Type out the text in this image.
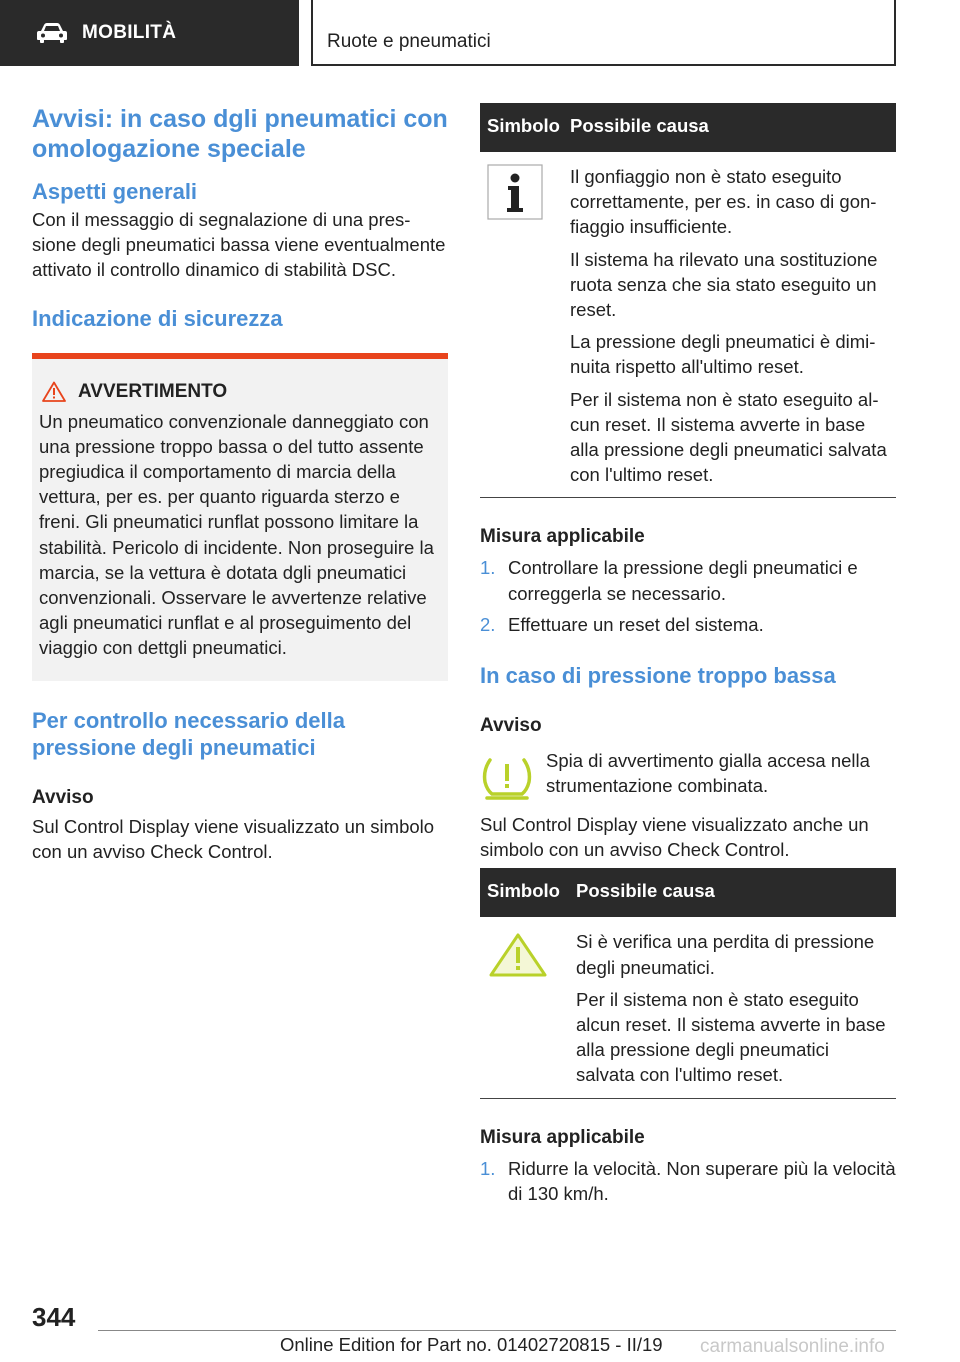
MOBILITÀ	Ruote e pneumatici
Avvisi: in caso dgli pneumatici con omologazione speciale
Aspetti generali
Con il messaggio di segnalazione di una pressione degli pneumatici bassa viene eventualmente attivato il controllo dinamico di stabilità DSC.
Indicazione di sicurezza
AVVERTIMENTO
Un pneumatico convenzionale danneggiato con una pressione troppo bassa o del tutto assente pregiudica il comportamento di marcia della vettura, per es. per quanto riguarda sterzo e freni. Gli pneumatici runflat possono limitare la stabilità. Pericolo di incidente. Non proseguire la marcia, se la vettura è dotata dgli pneumatici convenzionali. Osservare le avvertenze relative agli pneumatici runflat e al proseguimento del viaggio con dettgli pneumatici.
Per controllo necessario della pressione degli pneumatici
Avviso
Sul Control Display viene visualizzato un simbolo con un avviso Check Control.
Simbolo Possibile causa
Il gonfiaggio non è stato eseguito correttamente, per es. in caso di gonfiaggio insufficiente.
Il sistema ha rilevato una sostituzione ruota senza che sia stato eseguito un reset.
La pressione degli pneumatici è diminuita rispetto all'ultimo reset.
Per il sistema non è stato eseguito alcun reset. Il sistema avverte in base alla pressione degli pneumatici salvata con l'ultimo reset.
Misura applicabile
1. Controllare la pressione degli pneumatici e correggerla se necessario.
2. Effettuare un reset del sistema.
In caso di pressione troppo bassa
Avviso
Spia di avvertimento gialla accesa nella strumentazione combinata.
Sul Control Display viene visualizzato anche un simbolo con un avviso Check Control.
Simbolo Possibile causa
Si è verifica una perdita di pressione degli pneumatici.
Per il sistema non è stato eseguito alcun reset. Il sistema avverte in base alla pressione degli pneumatici salvata con l'ultimo reset.
Misura applicabile
1. Ridurre la velocità. Non superare più la velocità di 130 km/h.
344
Online Edition for Part no. 01402720815 - II/19 carmanualsonline.info
